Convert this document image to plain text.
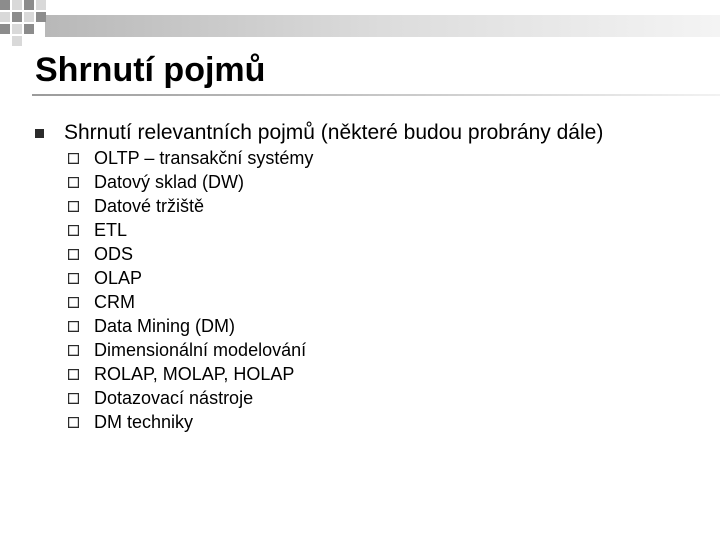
Shrnutí pojmů
Shrnutí relevantních pojmů (některé budou probrány dále)
OLTP – transakční systémy
Datový sklad (DW)
Datové tržiště
ETL
ODS
OLAP
CRM
Data Mining (DM)
Dimensionální modelování
ROLAP, MOLAP, HOLAP
Dotazovací nástroje
DM techniky
